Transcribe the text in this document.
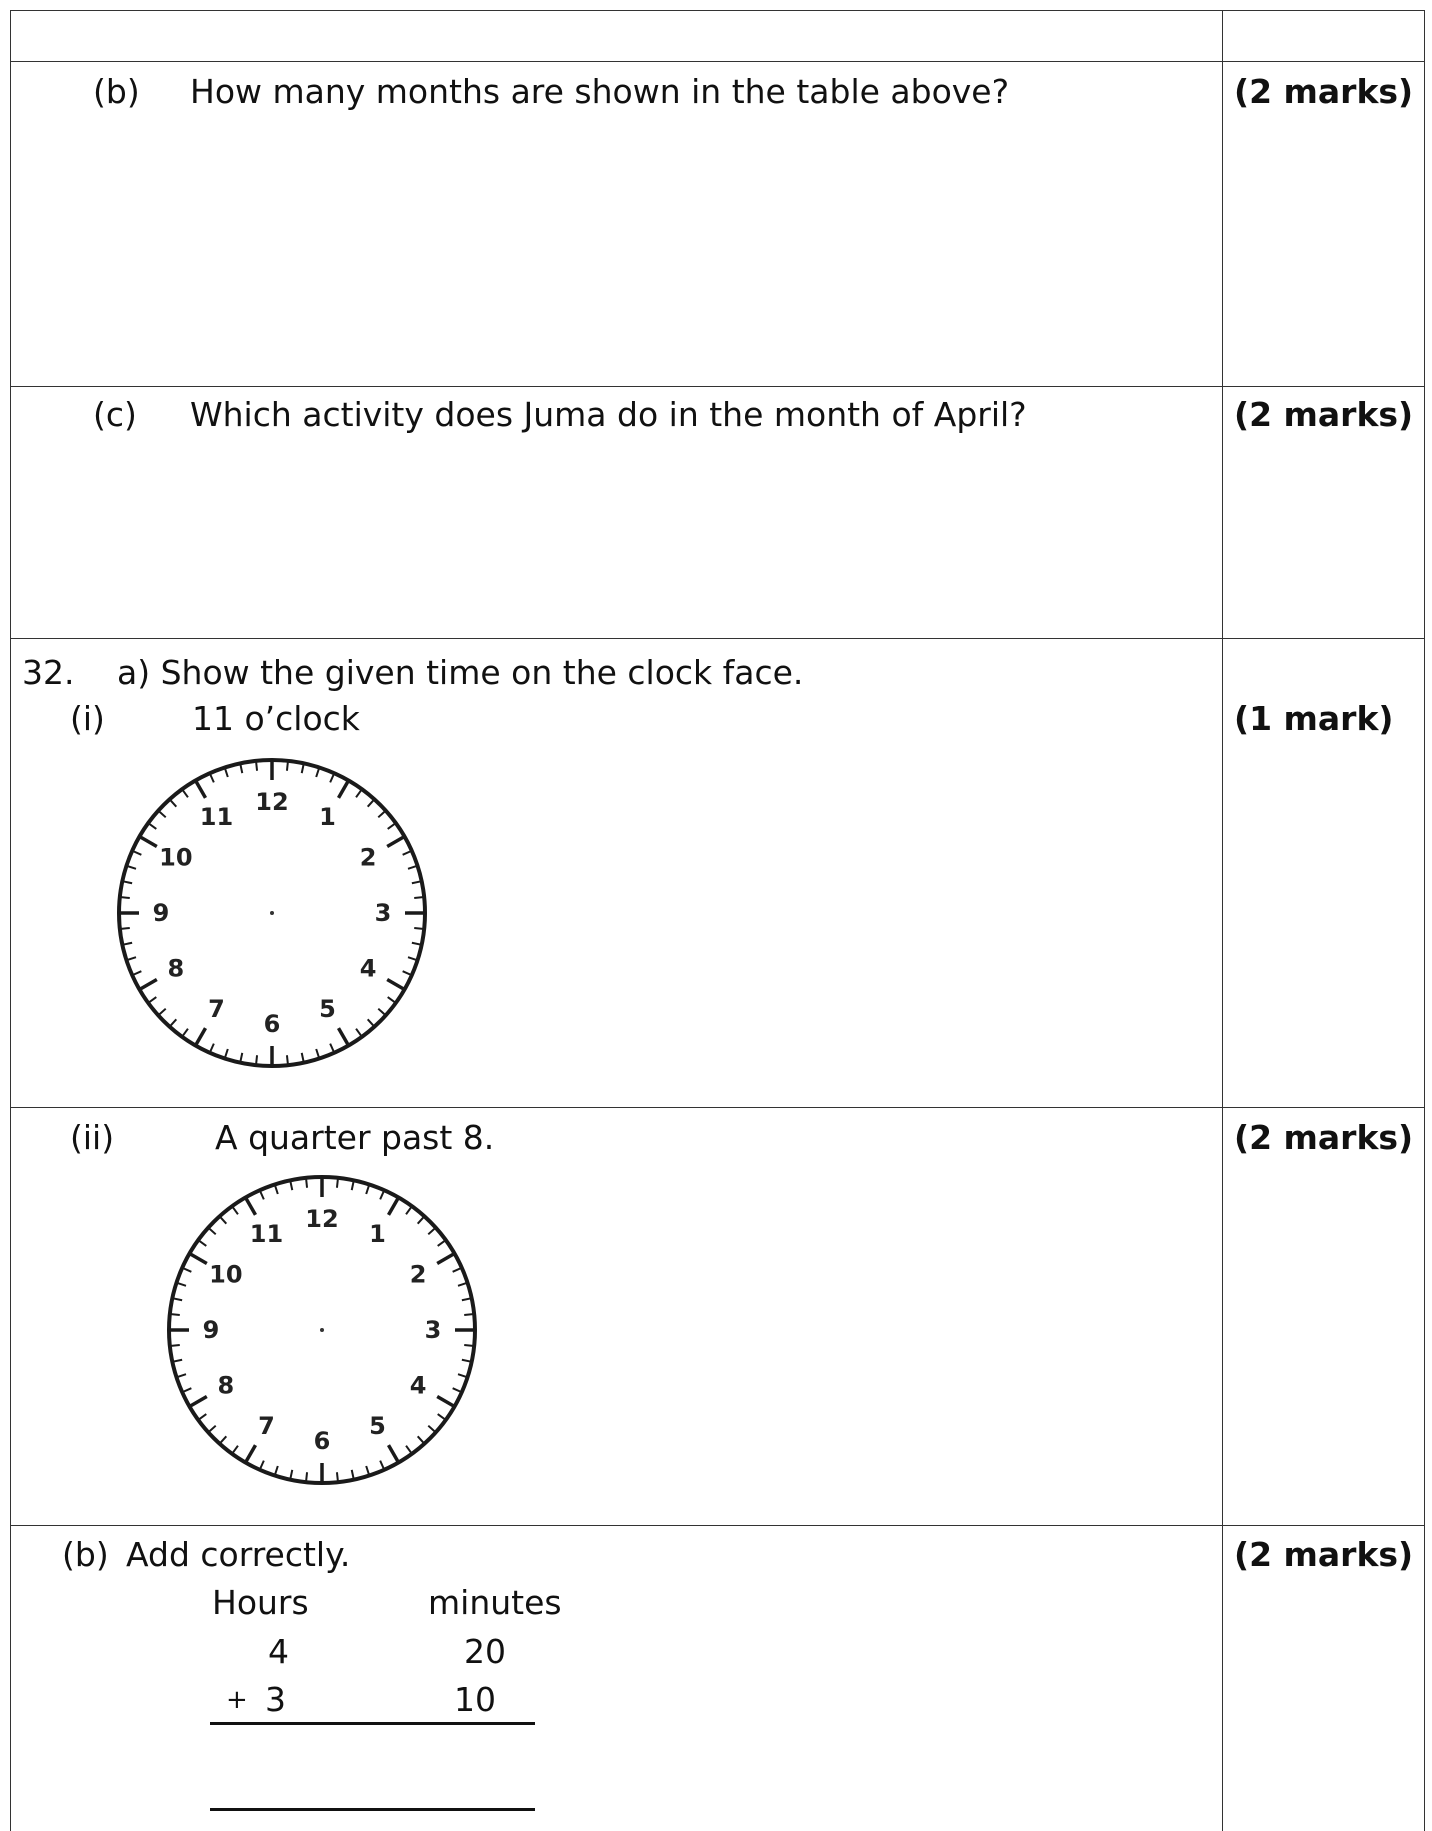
(b) How many months are shown in the table above?	(2 marks)
(c) Which activity does Juma do in the month of April?	(2 marks)
32. a) Show the given time on the clock face.
(i)	11 o’clock	(1 mark)
12
1
2
3
4
5
6
7
8
9
10
11
(ii)	A quarter past 8.	(2 marks)
12
1
2
3
4
5
6
7
8
9
10
11
(b) Add correctly.	(2 marks)
Hours	minutes
4	20
+ 3	10
